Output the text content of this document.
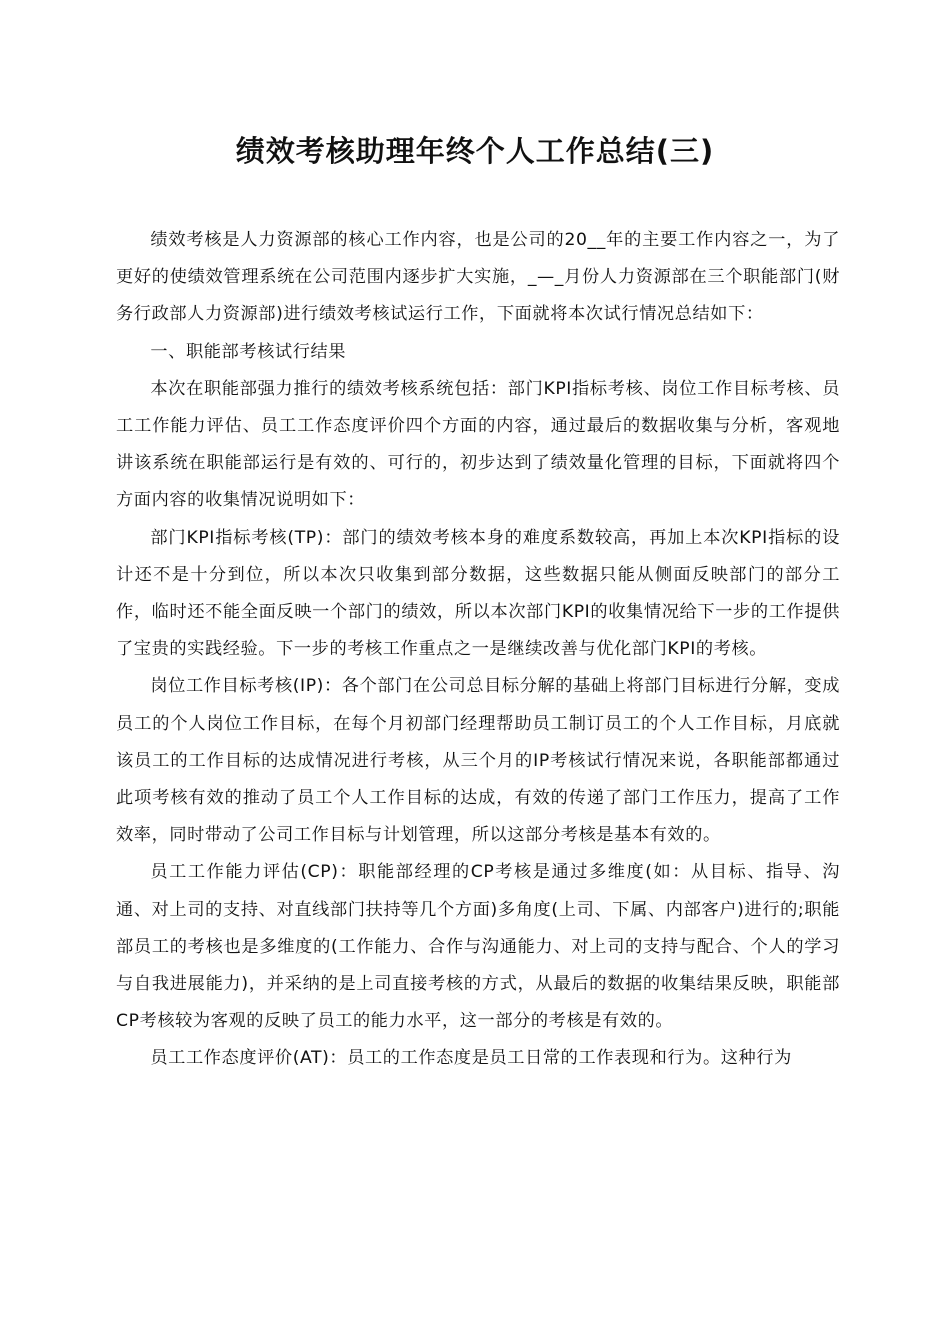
绩效考核助理年终个人工作总结(三)

绩效考核是人力资源部的核心工作内容，也是公司的20__年的主要工作内容之一，为了更好的使绩效管理系统在公司范围内逐步扩大实施，_—_月份人力资源部在三个职能部门(财务行政部人力资源部)进行绩效考核试运行工作，下面就将本次试行情况总结如下：

一、职能部考核试行结果

本次在职能部强力推行的绩效考核系统包括：部门KPI指标考核、岗位工作目标考核、员工工作能力评估、员工工作态度评价四个方面的内容，通过最后的数据收集与分析，客观地讲该系统在职能部运行是有效的、可行的，初步达到了绩效量化管理的目标，下面就将四个方面内容的收集情况说明如下：

部门KPI指标考核(TP)：部门的绩效考核本身的难度系数较高，再加上本次KPI指标的设计还不是十分到位，所以本次只收集到部分数据，这些数据只能从侧面反映部门的部分工作，临时还不能全面反映一个部门的绩效，所以本次部门KPI的收集情况给下一步的工作提供了宝贵的实践经验。下一步的考核工作重点之一是继续改善与优化部门KPI的考核。

岗位工作目标考核(IP)：各个部门在公司总目标分解的基础上将部门目标进行分解，变成员工的个人岗位工作目标，在每个月初部门经理帮助员工制订员工的个人工作目标，月底就该员工的工作目标的达成情况进行考核，从三个月的IP考核试行情况来说，各职能部都通过此项考核有效的推动了员工个人工作目标的达成，有效的传递了部门工作压力，提高了工作效率，同时带动了公司工作目标与计划管理，所以这部分考核是基本有效的。

员工工作能力评估(CP)：职能部经理的CP考核是通过多维度(如：从目标、指导、沟通、对上司的支持、对直线部门扶持等几个方面)多角度(上司、下属、内部客户)进行的;职能部员工的考核也是多维度的(工作能力、合作与沟通能力、对上司的支持与配合、个人的学习与自我进展能力)，并采纳的是上司直接考核的方式，从最后的数据的收集结果反映，职能部CP考核较为客观的反映了员工的能力水平，这一部分的考核是有效的。

员工工作态度评价(AT)：员工的工作态度是员工日常的工作表现和行为。这种行为
